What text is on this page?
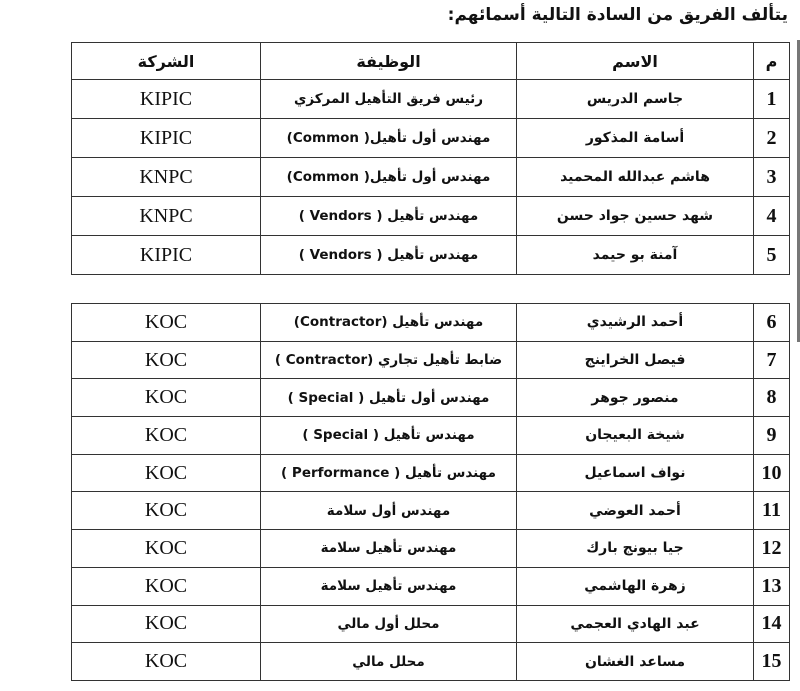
يتألف الفريق من السادة التالية أسمائهم:
م	الاسم	الوظيفة	الشركة
1	جاسم الدريس	رئيس فريق التأهيل المركزي	KIPIC
2	أسامة المذكور	مهندس أول تأهيل( Common)	KIPIC
3	هاشم عبدالله المحميد	مهندس أول تأهيل( Common)	KNPC
4	شهد حسين جواد حسن	مهندس تأهيل ( Vendors )	KNPC
5	آمنة بو حيمد	مهندس تأهيل ( Vendors )	KIPIC
6	أحمد الرشيدي	مهندس تأهيل (Contractor)	KOC
7	فيصل الخراينج	ضابط تأهيل تجاري (Contractor )	KOC
8	منصور جوهر	مهندس أول تأهيل ( Special )	KOC
9	شيخة البعيجان	مهندس تأهيل ( Special )	KOC
10	نواف اسماعيل	مهندس تأهيل ( Performance )	KOC
11	أحمد العوضي	مهندس أول سلامة	KOC
12	جيا بيونج بارك	مهندس تأهيل سلامة	KOC
13	زهرة الهاشمي	مهندس تأهيل سلامة	KOC
14	عبد الهادي العجمي	محلل أول مالي	KOC
15	مساعد الغشان	محلل مالي	KOC
